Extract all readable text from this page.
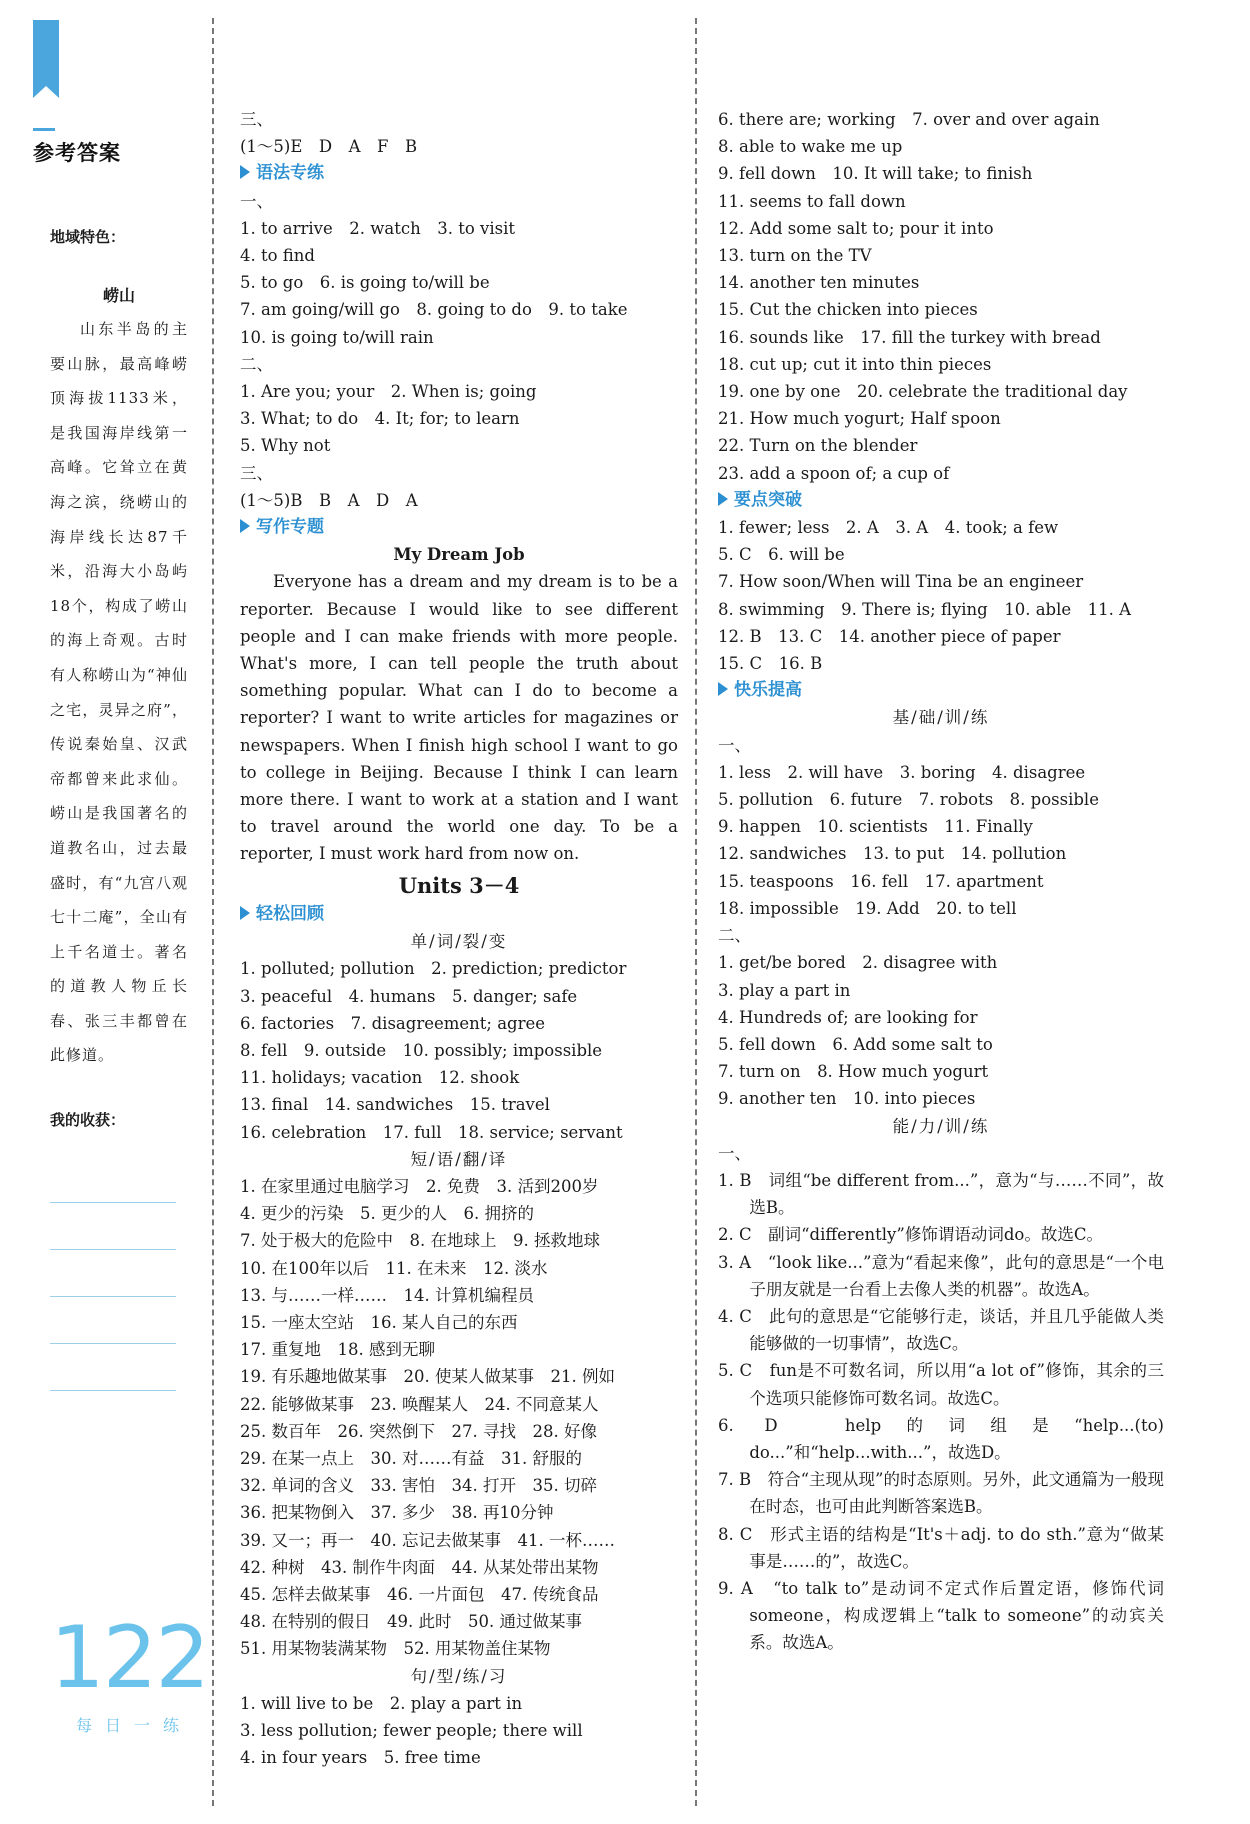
参考答案
地域特色：
崂山
山东半岛的主要山脉，最高峰崂顶海拔1133米，是我国海岸线第一高峰。它耸立在黄海之滨，绕崂山的海岸线长达87千米，沿海大小岛屿18个，构成了崂山的海上奇观。古时有人称崂山为“神仙之宅，灵异之府”，传说秦始皇、汉武帝都曾来此求仙。崂山是我国著名的道教名山，过去最盛时，有“九宫八观七十二庵”，全山有上千名道士。著名的道教人物丘长春、张三丰都曾在此修道。
我的收获：
122
每日一练
三、
(1～5)E　D　A　F　B
语法专练
一、
1. to arrive　2. watch　3. to visit
4. to find
5. to go　6. is going to/will be
7. am going/will go　8. going to do　9. to take
10. is going to/will rain
二、
1. Are you; your　2. When is; going
3. What; to do　4. It; for; to learn
5. Why not
三、
(1～5)B　B　A　D　A
写作专题
My Dream Job
Everyone has a dream and my dream is to be a reporter. Because I would like to see different people and I can make friends with more people. What's more, I can tell people the truth about something popular. What can I do to become a reporter? I want to write articles for magazines or newspapers. When I finish high school I want to go to college in Beijing. Because I think I can learn more there. I want to work at a station and I want to travel around the world one day. To be a reporter, I must work hard from now on.
Units 3－4
轻松回顾
单/词/裂/变
1. polluted; pollution　2. prediction; predictor
3. peaceful　4. humans　5. danger; safe
6. factories　7. disagreement; agree
8. fell　9. outside　10. possibly; impossible
11. holidays; vacation　12. shook
13. final　14. sandwiches　15. travel
16. celebration　17. full　18. service; servant
短/语/翻/译
1. 在家里通过电脑学习　2. 免费　3. 活到200岁
4. 更少的污染　5. 更少的人　6. 拥挤的
7. 处于极大的危险中　8. 在地球上　9. 拯救地球
10. 在100年以后　11. 在未来　12. 淡水
13. 与……一样……　14. 计算机编程员
15. 一座太空站　16. 某人自己的东西
17. 重复地　18. 感到无聊
19. 有乐趣地做某事　20. 使某人做某事　21. 例如
22. 能够做某事　23. 唤醒某人　24. 不同意某人
25. 数百年　26. 突然倒下　27. 寻找　28. 好像
29. 在某一点上　30. 对……有益　31. 舒服的
32. 单词的含义　33. 害怕　34. 打开　35. 切碎
36. 把某物倒入　37. 多少　38. 再10分钟
39. 又一；再一　40. 忘记去做某事　41. 一杯……
42. 种树　43. 制作牛肉面　44. 从某处带出某物
45. 怎样去做某事　46. 一片面包　47. 传统食品
48. 在特别的假日　49. 此时　50. 通过做某事
51. 用某物装满某物　52. 用某物盖住某物
句/型/练/习
1. will live to be　2. play a part in
3. less pollution; fewer people; there will
4. in four years　5. free time
6. there are; working　7. over and over again
8. able to wake me up
9. fell down　10. It will take; to finish
11. seems to fall down
12. Add some salt to; pour it into
13. turn on the TV
14. another ten minutes
15. Cut the chicken into pieces
16. sounds like　17. fill the turkey with bread
18. cut up; cut it into thin pieces
19. one by one　20. celebrate the traditional day
21. How much yogurt; Half spoon
22. Turn on the blender
23. add a spoon of; a cup of
要点突破
1. fewer; less　2. A　3. A　4. took; a few
5. C　6. will be
7. How soon/When will Tina be an engineer
8. swimming　9. There is; flying　10. able　11. A
12. B　13. C　14. another piece of paper
15. C　16. B
快乐提高
基/础/训/练
一、
1. less　2. will have　3. boring　4. disagree
5. pollution　6. future　7. robots　8. possible
9. happen　10. scientists　11. Finally
12. sandwiches　13. to put　14. pollution
15. teaspoons　16. fell　17. apartment
18. impossible　19. Add　20. to tell
二、
1. get/be bored　2. disagree with
3. play a part in
4. Hundreds of; are looking for
5. fell down　6. Add some salt to
7. turn on　8. How much yogurt
9. another ten　10. into pieces
能/力/训/练
一、
1. B　词组“be different from...”，意为“与……不同”，故选B。
2. C　副词“differently”修饰谓语动词do。故选C。
3. A　“look like...”意为“看起来像”，此句的意思是“一个电子朋友就是一台看上去像人类的机器”。故选A。
4. C　此句的意思是“它能够行走，谈话，并且几乎能做人类能够做的一切事情”，故选C。
5. C　fun是不可数名词，所以用“a lot of”修饰，其余的三个选项只能修饰可数名词。故选C。
6. D　help的词组是“help...(to) do...”和“help...with...”，故选D。
7. B　符合“主现从现”的时态原则。另外，此文通篇为一般现在时态，也可由此判断答案选B。
8. C　形式主语的结构是“It's＋adj. to do sth.”意为“做某事是……的”，故选C。
9. A　“to talk to”是动词不定式作后置定语，修饰代词someone，构成逻辑上“talk to someone”的动宾关系。故选A。
